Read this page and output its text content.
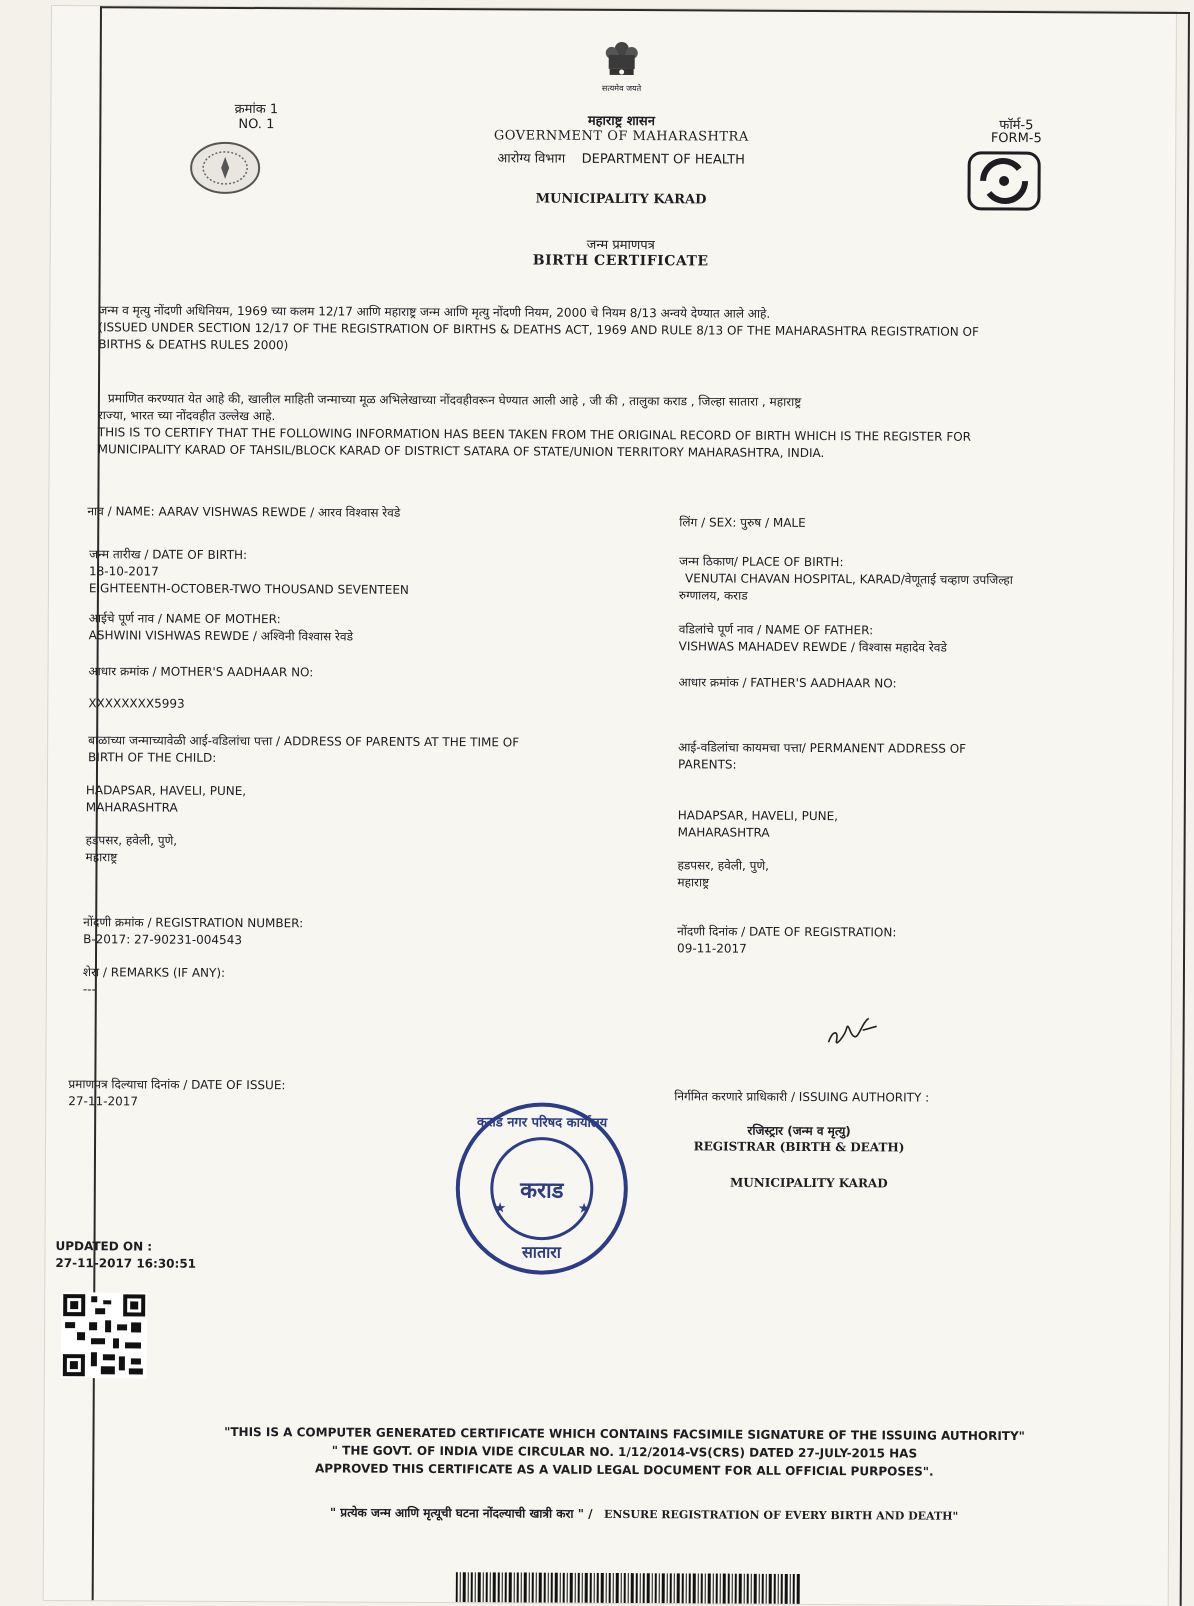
सत्यमेव जयते
क्रमांक 1
NO. 1	महाराष्ट्र शासन
GOVERNMENT OF MAHARASHTRA
आरोग्य विभाग DEPARTMENT OF HEALTH
फॉर्म-5
FORM-5
MUNICIPALITY KARAD
जन्म प्रमाणपत्र
BIRTH CERTIFICATE
जन्म व मृत्यु नोंदणी अधिनियम, 1969 च्या कलम 12/17 आणि महाराष्ट्र जन्म आणि मृत्यु नोंदणी नियम, 2000 चे नियम 8/13 अन्वये देण्यात आले आहे.
(ISSUED UNDER SECTION 12/17 OF THE REGISTRATION OF BIRTHS & DEATHS ACT, 1969 AND RULE 8/13 OF THE MAHARASHTRA REGISTRATION OF
BIRTHS & DEATHS RULES 2000)
प्रमाणित करण्यात येत आहे की, खालील माहिती जन्माच्या मूळ अभिलेखाच्या नोंदवहीवरून घेण्यात आली आहे , जी की , तालुका कराड , जिल्हा सातारा , महाराष्ट्र
राज्या, भारत च्या नोंदवहीत उल्लेख आहे.
THIS IS TO CERTIFY THAT THE FOLLOWING INFORMATION HAS BEEN TAKEN FROM THE ORIGINAL RECORD OF BIRTH WHICH IS THE REGISTER FOR
MUNICIPALITY KARAD OF TAHSIL/BLOCK KARAD OF DISTRICT SATARA OF STATE/UNION TERRITORY MAHARASHTRA, INDIA.
नाव / NAME: AARAV VISHWAS REWDE / आरव विश्वास रेवडे
जन्म तारीख / DATE OF BIRTH:
18-10-2017
EIGHTEENTH-OCTOBER-TWO THOUSAND SEVENTEEN
आईचे पूर्ण नाव / NAME OF MOTHER:
ASHWINI VISHWAS REWDE / अश्विनी विश्वास रेवडे
आधार क्रमांक / MOTHER'S AADHAAR NO:
XXXXXXXX5993
बाळाच्या जन्माच्यावेळी आई-वडिलांचा पत्ता / ADDRESS OF PARENTS AT THE TIME OF
BIRTH OF THE CHILD:
HADAPSAR, HAVELI, PUNE,
MAHARASHTRA
हडपसर, हवेली, पुणे,
महाराष्ट्र
नोंदणी क्रमांक / REGISTRATION NUMBER:
B-2017: 27-90231-004543
शेरा / REMARKS (IF ANY):
---
प्रमाणपत्र दिल्याचा दिनांक / DATE OF ISSUE:
27-11-2017
UPDATED ON :
27-11-2017 16:30:51
लिंग / SEX: पुरुष / MALE
जन्म ठिकाण/ PLACE OF BIRTH:
VENUTAI CHAVAN HOSPITAL, KARAD/वेणूताई चव्हाण उपजिल्हा
रुग्णालय, कराड
वडिलांचे पूर्ण नाव / NAME OF FATHER:
VISHWAS MAHADEV REWDE / विश्वास महादेव रेवडे
आधार क्रमांक / FATHER'S AADHAAR NO:
आई-वडिलांचा कायमचा पत्ता/ PERMANENT ADDRESS OF
PARENTS:
HADAPSAR, HAVELI, PUNE,
MAHARASHTRA
हडपसर, हवेली, पुणे,
महाराष्ट्र
नोंदणी दिनांक / DATE OF REGISTRATION:
09-11-2017
निर्गमित करणारे प्राधिकारी / ISSUING AUTHORITY :
रजिस्ट्रार (जन्म व मृत्यु)
REGISTRAR (BIRTH & DEATH)
MUNICIPALITY KARAD
★	★
कराड नगर परिषद कार्यालय
कराड
सातारा
"THIS IS A COMPUTER GENERATED CERTIFICATE WHICH CONTAINS FACSIMILE SIGNATURE OF THE ISSUING AUTHORITY"
" THE GOVT. OF INDIA VIDE CIRCULAR NO. 1/12/2014-VS(CRS) DATED 27-JULY-2015 HAS
APPROVED THIS CERTIFICATE AS A VALID LEGAL DOCUMENT FOR ALL OFFICIAL PURPOSES".
" प्रत्येक जन्म आणि मृत्यूची घटना नोंदल्याची खात्री करा " / ENSURE REGISTRATION OF EVERY BIRTH AND DEATH"
